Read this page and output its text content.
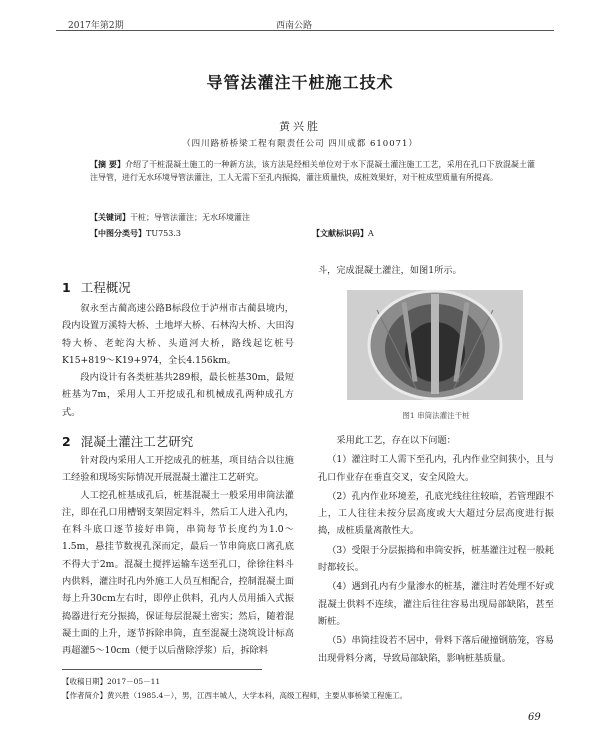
2017年第2期	西南公路
导管法灌注干桩施工技术
黄兴胜
（四川路桥桥梁工程有限责任公司 四川成都 610071）
【摘 要】介绍了干桩混凝土施工的一种新方法，该方法是经相关单位对于水下混凝土灌注施工工艺，采用在孔口下放混凝土灌注导管，进行无水环境导管法灌注，工人无需下至孔内振捣，灌注质量快，成桩效果好，对干桩成型质量有所提高。
【关键词】干桩；导管法灌注；无水环境灌注
【中图分类号】TU753.3	【文献标识码】A
1 工程概况

叙永至古蔺高速公路B标段位于泸州市古蔺县境内，段内设置万溪特大桥、土地坪大桥、石林沟大桥、大田沟特大桥、老蛇沟大桥、头道河大桥，路线起讫桩号K15+819～K19+974，全长4.156km。

段内设计有各类桩基共289根，最长桩基30m，最短桩基为7m，采用人工开挖成孔和机械成孔两种成孔方式。

2 混凝土灌注工艺研究

针对段内采用人工开挖成孔的桩基，项目结合以往施工经验和现场实际情况开展混凝土灌注工艺研究。

人工挖孔桩基成孔后，桩基混凝土一般采用串筒法灌注，即在孔口用槽钢支架固定料斗，然后工人进入孔内，在料斗底口逐节接好串筒，串筒每节长度约为1.0～1.5m，悬挂节数视孔深而定，最后一节串筒底口离孔底不得大于2m。混凝土搅拌运输车送至孔口，徐徐往料斗内供料，灌注时孔内外施工人员互相配合，控制混凝土面每上升30cm左右时，即停止供料，孔内人员用插入式振捣器进行充分振捣，保证每层混凝土密实；然后，随着混凝土面的上升，逐节拆除串筒，直至混凝土浇筑设计标高再超灌5～10cm（便于以后凿除浮浆）后，拆除料

斗，完成混凝土灌注，如图1所示。

图1 串筒法灌注干桩

采用此工艺，存在以下问题：

（1）灌注时工人需下至孔内，孔内作业空间狭小，且与孔口作业存在垂直交叉，安全风险大。

（2）孔内作业环境差，孔底光线往往较暗，若管理跟不上，工人往往未按分层高度或大大超过分层高度进行振捣，成桩质量离散性大。

（3）受限于分层振捣和串筒安拆，桩基灌注过程一般耗时都较长。

（4）遇到孔内有少量渗水的桩基，灌注时若处理不好或混凝土供料不连续，灌注后往往容易出现局部缺陷，甚至断桩。

（5）串筒挂设若不居中，骨料下落后碰撞钢筋笼，容易出现骨料分离，导致局部缺陷，影响桩基质量。

【收稿日期】2017－05－11
【作者简介】黄兴胜（1985.4－），男，江西丰城人，大学本科，高级工程师，主要从事桥梁工程施工。
69
